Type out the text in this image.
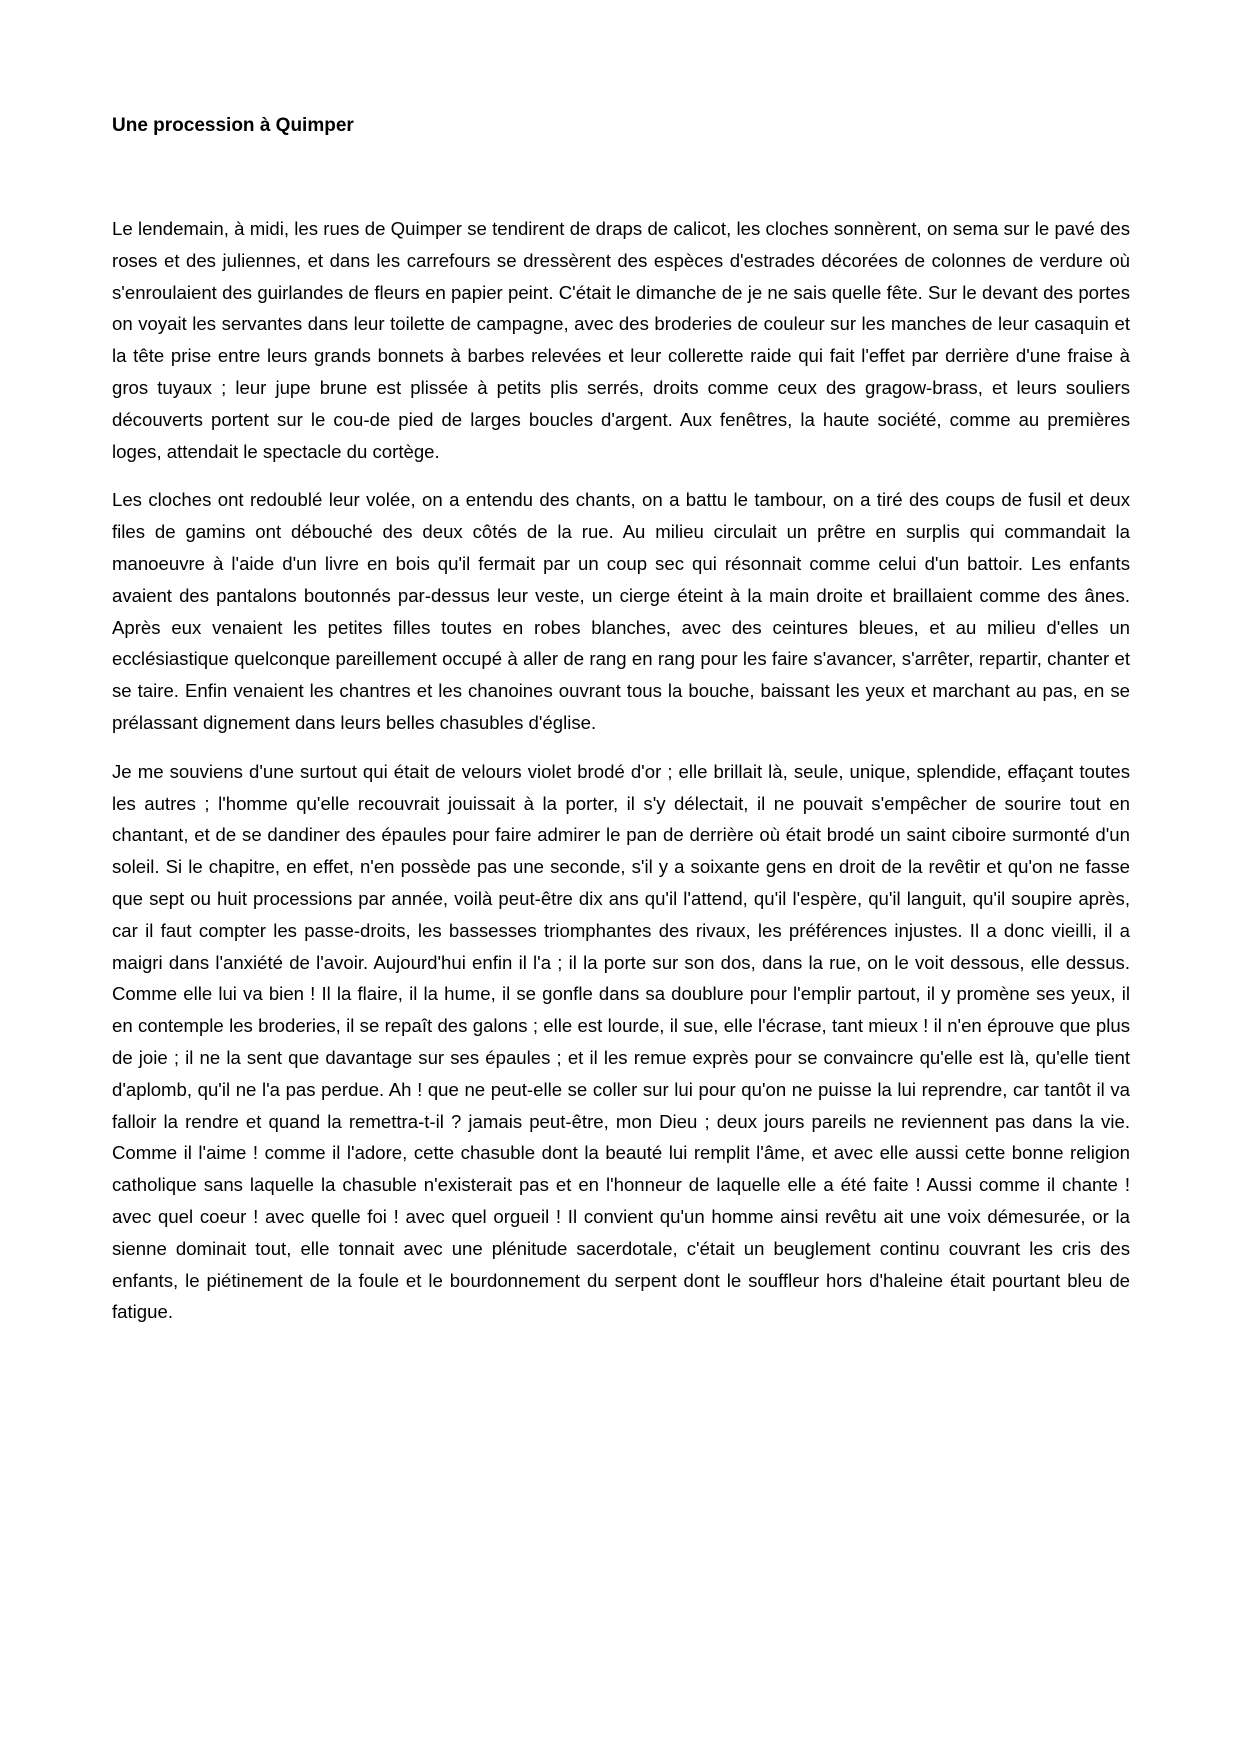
Une procession à Quimper

Le lendemain, à midi, les rues de Quimper se tendirent de draps de calicot, les cloches sonnèrent, on sema sur le pavé des roses et des juliennes, et dans les carrefours se dressèrent des espèces d'estrades décorées de colonnes de verdure où s'enroulaient des guirlandes de fleurs en papier peint. C'était le dimanche de je ne sais quelle fête. Sur le devant des portes on voyait les servantes dans leur toilette de campagne, avec des broderies de couleur sur les manches de leur casaquin et la tête prise entre leurs grands bonnets à barbes relevées et leur collerette raide qui fait l'effet par derrière d'une fraise à gros tuyaux ; leur jupe brune est plissée à petits plis serrés, droits comme ceux des gragow-brass, et leurs souliers découverts portent sur le cou-de pied de larges boucles d'argent. Aux fenêtres, la haute société, comme au premières loges, attendait le spectacle du cortège.

Les cloches ont redoublé leur volée, on a entendu des chants, on a battu le tambour, on a tiré des coups de fusil et deux files de gamins ont débouché des deux côtés de la rue. Au milieu circulait un prêtre en surplis qui commandait la manoeuvre à l'aide d'un livre en bois qu'il fermait par un coup sec qui résonnait comme celui d'un battoir. Les enfants avaient des pantalons boutonnés par-dessus leur veste, un cierge éteint à la main droite et braillaient comme des ânes. Après eux venaient les petites filles toutes en robes blanches, avec des ceintures bleues, et au milieu d'elles un ecclésiastique quelconque pareillement occupé à aller de rang en rang pour les faire s'avancer, s'arrêter, repartir, chanter et se taire. Enfin venaient les chantres et les chanoines ouvrant tous la bouche, baissant les yeux et marchant au pas, en se prélassant dignement dans leurs belles chasubles d'église.

Je me souviens d'une surtout qui était de velours violet brodé d'or ; elle brillait là, seule, unique, splendide, effaçant toutes les autres ; l'homme qu'elle recouvrait jouissait à la porter, il s'y délectait, il ne pouvait s'empêcher de sourire tout en chantant, et de se dandiner des épaules pour faire admirer le pan de derrière où était brodé un saint ciboire surmonté d'un soleil. Si le chapitre, en effet, n'en possède pas une seconde, s'il y a soixante gens en droit de la revêtir et qu'on ne fasse que sept ou huit processions par année, voilà peut-être dix ans qu'il l'attend, qu'il l'espère, qu'il languit, qu'il soupire après, car il faut compter les passe-droits, les bassesses triomphantes des rivaux, les préférences injustes. Il a donc vieilli, il a maigri dans l'anxiété de l'avoir. Aujourd'hui enfin il l'a ; il la porte sur son dos, dans la rue, on le voit dessous, elle dessus. Comme elle lui va bien ! Il la flaire, il la hume, il se gonfle dans sa doublure pour l'emplir partout, il y promène ses yeux, il en contemple les broderies, il se repaît des galons ; elle est lourde, il sue, elle l'écrase, tant mieux ! il n'en éprouve que plus de joie ; il ne la sent que davantage sur ses épaules ; et il les remue exprès pour se convaincre qu'elle est là, qu'elle tient d'aplomb, qu'il ne l'a pas perdue. Ah ! que ne peut-elle se coller sur lui pour qu'on ne puisse la lui reprendre, car tantôt il va falloir la rendre et quand la remettra-t-il ? jamais peut-être, mon Dieu ; deux jours pareils ne reviennent pas dans la vie. Comme il l'aime ! comme il l'adore, cette chasuble dont la beauté lui remplit l'âme, et avec elle aussi cette bonne religion catholique sans laquelle la chasuble n'existerait pas et en l'honneur de laquelle elle a été faite ! Aussi comme il chante ! avec quel coeur ! avec quelle foi ! avec quel orgueil ! Il convient qu'un homme ainsi revêtu ait une voix démesurée, or la sienne dominait tout, elle tonnait avec une plénitude sacerdotale, c'était un beuglement continu couvrant les cris des enfants, le piétinement de la foule et le bourdonnement du serpent dont le souffleur hors d'haleine était pourtant bleu de fatigue.
